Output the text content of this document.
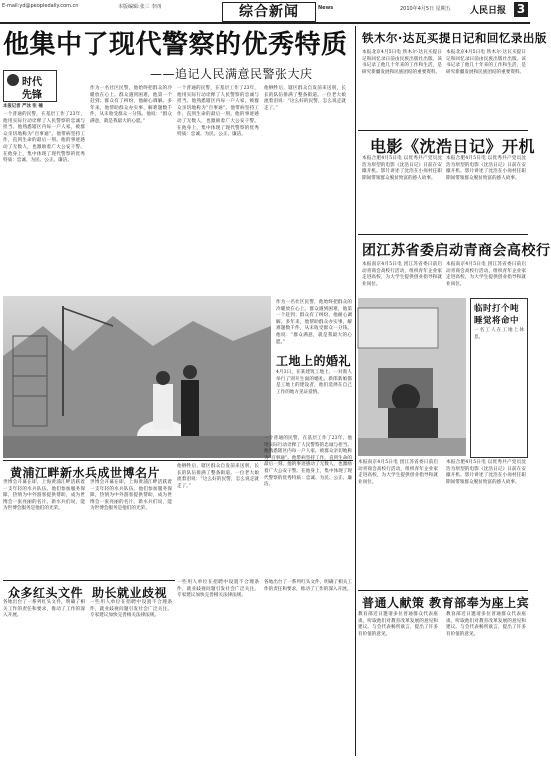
E-mail:yd@peopledaily.com.cn	本版编辑:张三 李四	综合新闻	News	2010年4月5日 星期五 人民日报 3
他集中了现代警察的优秀特质
——追记人民满意民警张大庆
时代
先锋
本报记者 严冰 张 楠
一个普通的民警，在基层工作了23年，他用实际行动诠释了人民警察的忠诚与担当。他熟悉辖区内每一户人家，被群众亲切地称为“百事通”。他带病坚持工作，直到生命的最后一刻。他的事迹感动了无数人，也激励着广大公安干警。在他身上，集中体现了现代警察的优秀特质：忠诚、为民、公正、廉洁。
作为一名社区民警，他始终把群众的冷暖放在心上。群众遇到困难，他第一个赶到；群众有了纠纷，他耐心调解。多年来，他帮助群众办实事、解难题数千件，从未收受群众一分钱。他说：“群众满意，就是我最大的心愿。”
一个普通的民警，在基层工作了23年，他用实际行动诠释了人民警察的忠诚与担当。他熟悉辖区内每一户人家，被群众亲切地称为“百事通”。他带病坚持工作，直到生命的最后一刻。他的事迹感动了无数人，也激励着广大公安干警。在他身上，集中体现了现代警察的优秀特质：忠诚、为民、公正、廉洁。
他牺牲后，辖区群众自发前来送别，长长的队伍排满了整条街道。一位老大娘流着泪说：“这么好的民警，怎么说走就走了。”
铁木尔·达瓦买提日记和回忆录出版
本报北京4月5日电 铁木尔·达瓦买提日记和回忆录日前由民族出版社出版。该书记录了他几十年来的工作和生活，是研究新疆发展和民族团结的重要资料。
本报北京4月5日电 铁木尔·达瓦买提日记和回忆录日前由民族出版社出版。该书记录了他几十年来的工作和生活，是研究新疆发展和民族团结的重要资料。
电影《沈浩日记》开机
本报合肥4月5日电 以优秀共产党员沈浩为原型的电影《沈浩日记》日前在安徽开机。影片讲述了沈浩在小岗村任职期间带领群众脱贫致富的感人故事。
本报合肥4月5日电 以优秀共产党员沈浩为原型的电影《沈浩日记》日前在安徽开机。影片讲述了沈浩在小岗村任职期间带领群众脱贫致富的感人故事。
团江苏省委启动青商会高校行
本报南京4月5日电 团江苏省委日前启动青商会高校行活动，组织青年企业家走进高校，为大学生提供创业指导和就业岗位。
本报南京4月5日电 团江苏省委日前启动青商会高校行活动，组织青年企业家走进高校，为大学生提供创业指导和就业岗位。
工地上的婚礼
4月3日，在某建筑工地上，一对新人举行了别开生面的婚礼。新郎新娘都是工地上的建设者，他们选择在自己工作的地方见证爱情。
作为一名社区民警，他始终把群众的冷暖放在心上。群众遇到困难，他第一个赶到；群众有了纠纷，他耐心调解。多年来，他帮助群众办实事、解难题数千件，从未收受群众一分钱。他说：“群众满意，就是我最大的心愿。”
黄浦江畔新水兵成世博名片
世博会开幕在即，上海黄浦江畔活跃着一支年轻的水兵队伍。他们参加服务保障，热情为中外游客提供帮助，成为世博会一张亮丽的名片。新水兵们说，能为世博会服务是他们的光荣。
世博会开幕在即，上海黄浦江畔活跃着一支年轻的水兵队伍。他们参加服务保障，热情为中外游客提供帮助，成为世博会一张亮丽的名片。新水兵们说，能为世博会服务是他们的光荣。
他牺牲后，辖区群众自发前来送别，长长的队伍排满了整条街道。一位老大娘流着泪说：“这么好的民警，怎么说走就走了。”
一个普通的民警，在基层工作了23年，他用实际行动诠释了人民警察的忠诚与担当。他熟悉辖区内每一户人家，被群众亲切地称为“百事通”。他带病坚持工作，直到生命的最后一刻。他的事迹感动了无数人，也激励着广大公安干警。在他身上，集中体现了现代警察的优秀特质：忠诚、为民、公正、廉洁。
众多红头文件 助长就业歧视
各地出台了一系列红头文件，明确了相关工作的责任和要求，推动了工作的深入开展。
一些用人单位在招聘中设置不合理条件，就业歧视问题引发社会广泛关注。专家建议加快完善相关法律法规。
一些用人单位在招聘中设置不合理条件，就业歧视问题引发社会广泛关注。专家建议加快完善相关法律法规。
各地出台了一系列红头文件，明确了相关工作的责任和要求，推动了工作的深入开展。
临时打个吨
睡觉将命中
一名工人在工地上休息。
本报南京4月5日电 团江苏省委日前启动青商会高校行活动，组织青年企业家走进高校，为大学生提供创业指导和就业岗位。
本报合肥4月5日电 以优秀共产党员沈浩为原型的电影《沈浩日记》日前在安徽开机。影片讲述了沈浩在小岗村任职期间带领群众脱贫致富的感人故事。
普通人献策 教育部奉为座上宾
教育部近日邀请多位普通群众代表座谈，听取他们对教育改革发展的意见和建议。与会代表畅所欲言，提出了许多有价值的意见。
教育部近日邀请多位普通群众代表座谈，听取他们对教育改革发展的意见和建议。与会代表畅所欲言，提出了许多有价值的意见。
